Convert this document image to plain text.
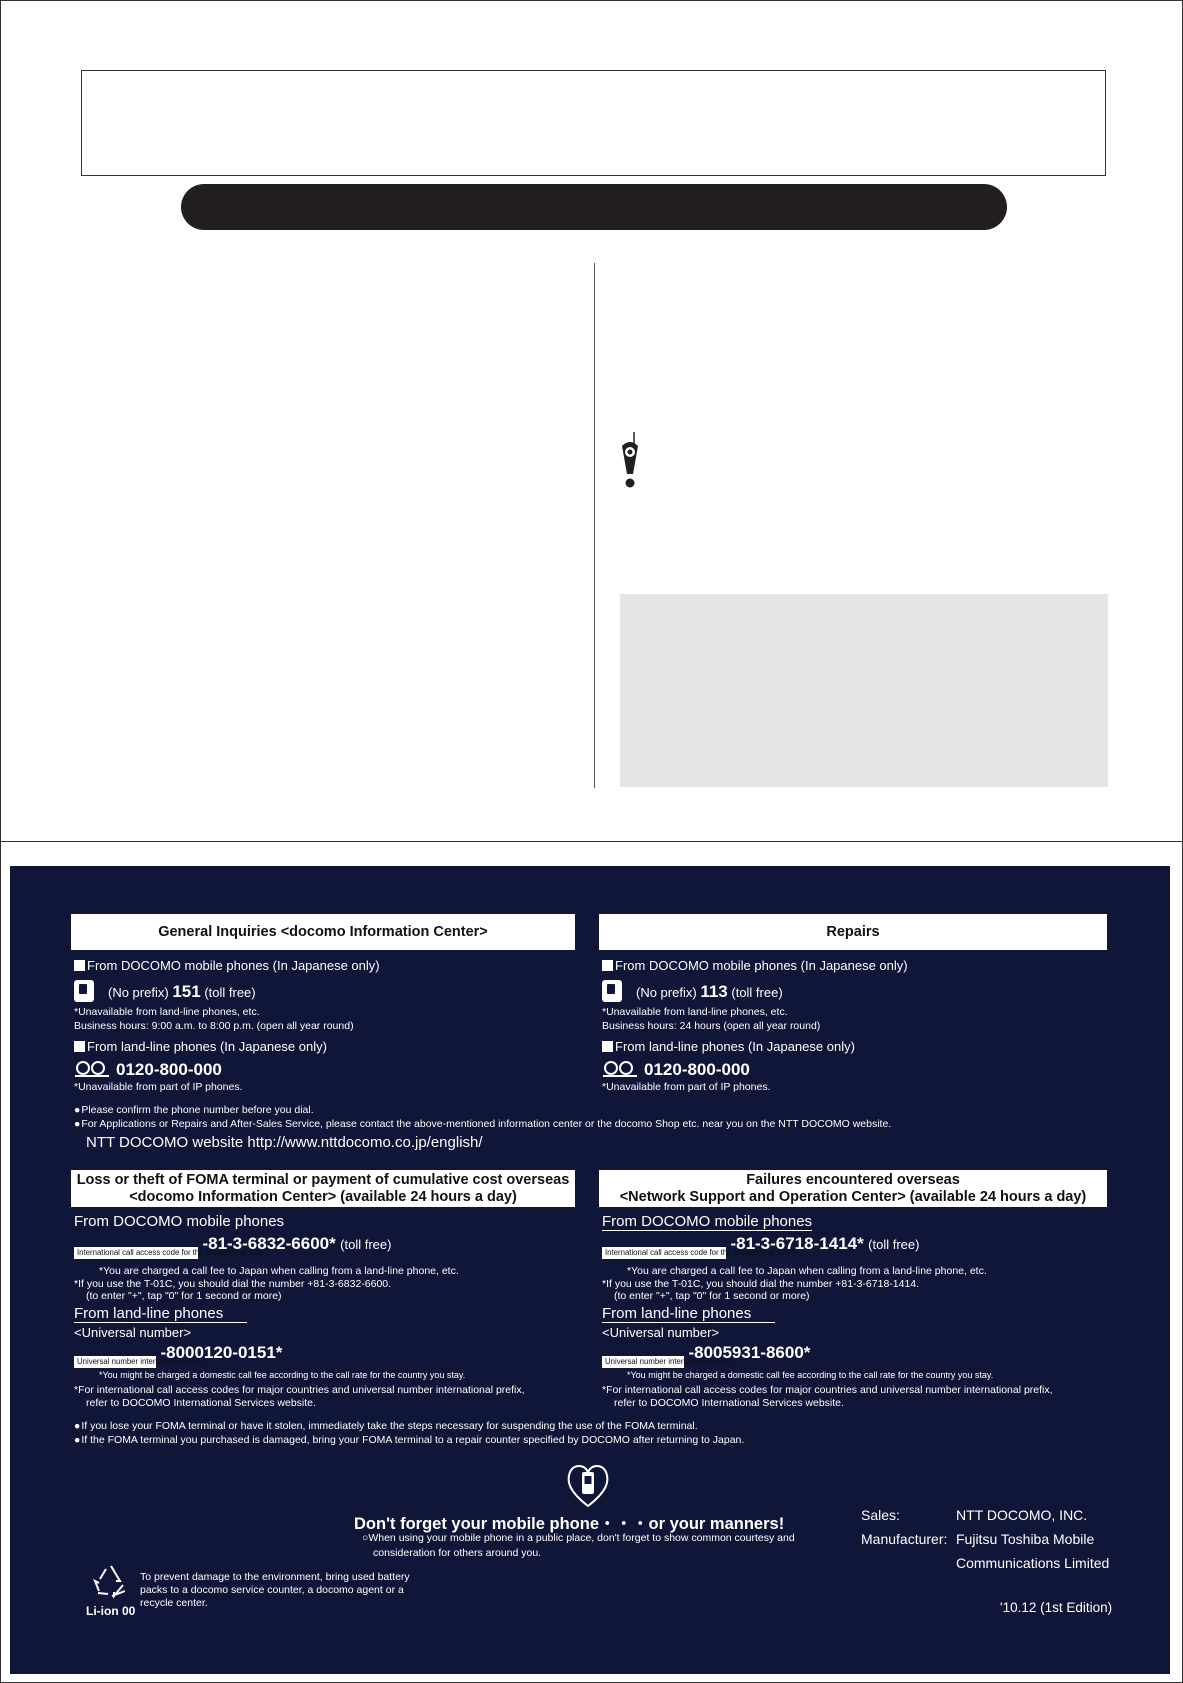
General Inquiries <docomo Information Center>
From DOCOMO mobile phones (In Japanese only)
(No prefix) 151 (toll free)
*Unavailable from land-line phones, etc.
Business hours: 9:00 a.m. to 8:00 p.m. (open all year round)
From land-line phones (In Japanese only)
0120-800-000
*Unavailable from part of IP phones.
Repairs
From DOCOMO mobile phones (In Japanese only)
(No prefix) 113 (toll free)
*Unavailable from land-line phones, etc.
Business hours: 24 hours (open all year round)
From land-line phones (In Japanese only)
0120-800-000
*Unavailable from part of IP phones.
● Please confirm the phone number before you dial.
● For Applications or Repairs and After-Sales Service, please contact the above-mentioned information center or the docomo Shop etc. near you on the NTT DOCOMO website.
NTT DOCOMO website http://www.nttdocomo.co.jp/english/
Loss or theft of FOMA terminal or payment of cumulative cost overseas
<docomo Information Center> (available 24 hours a day)
From DOCOMO mobile phones
International call access code for the country you stay -81-3-6832-6600* $^{(toll free)}$
*You are charged a call fee to Japan when calling from a land-line phone, etc.
*If you use the T-01C, you should dial the number +81-3-6832-6600.
(to enter "+", tap "0" for 1 second or more)
From land-line phones
<Universal number>
Universal number international prefix -8000120-0151*
*You might be charged a domestic call fee according to the call rate for the country you stay.
*For international call access codes for major countries and universal number international prefix,
refer to DOCOMO International Services website.
Failures encountered overseas
<Network Support and Operation Center> (available 24 hours a day)
From DOCOMO mobile phones
International call access code for the country you stay -81-3-6718-1414* $^{(toll free)}$
*You are charged a call fee to Japan when calling from a land-line phone, etc.
*If you use the T-01C, you should dial the number +81-3-6718-1414.
(to enter "+", tap "0" for 1 second or more)
From land-line phones
<Universal number>
Universal number international prefix -8005931-8600*
*You might be charged a domestic call fee according to the call rate for the country you stay.
*For international call access codes for major countries and universal number international prefix,
refer to DOCOMO International Services website.
● If you lose your FOMA terminal or have it stolen, immediately take the steps necessary for suspending the use of the FOMA terminal.
● If the FOMA terminal you purchased is damaged, bring your FOMA terminal to a repair counter specified by DOCOMO after returning to Japan.
Don't forget your mobile phone・・・or your manners!
○When using your mobile phone in a public place, don't forget to show common courtesy and
consideration for others around you.
Li-ion 00
To prevent damage to the environment, bring used battery packs to a docomo service counter, a docomo agent or a recycle center.
Sales:	NTT DOCOMO, INC.
Manufacturer: Fujitsu Toshiba Mobile
Communications Limited
'10.12 (1st Edition)
